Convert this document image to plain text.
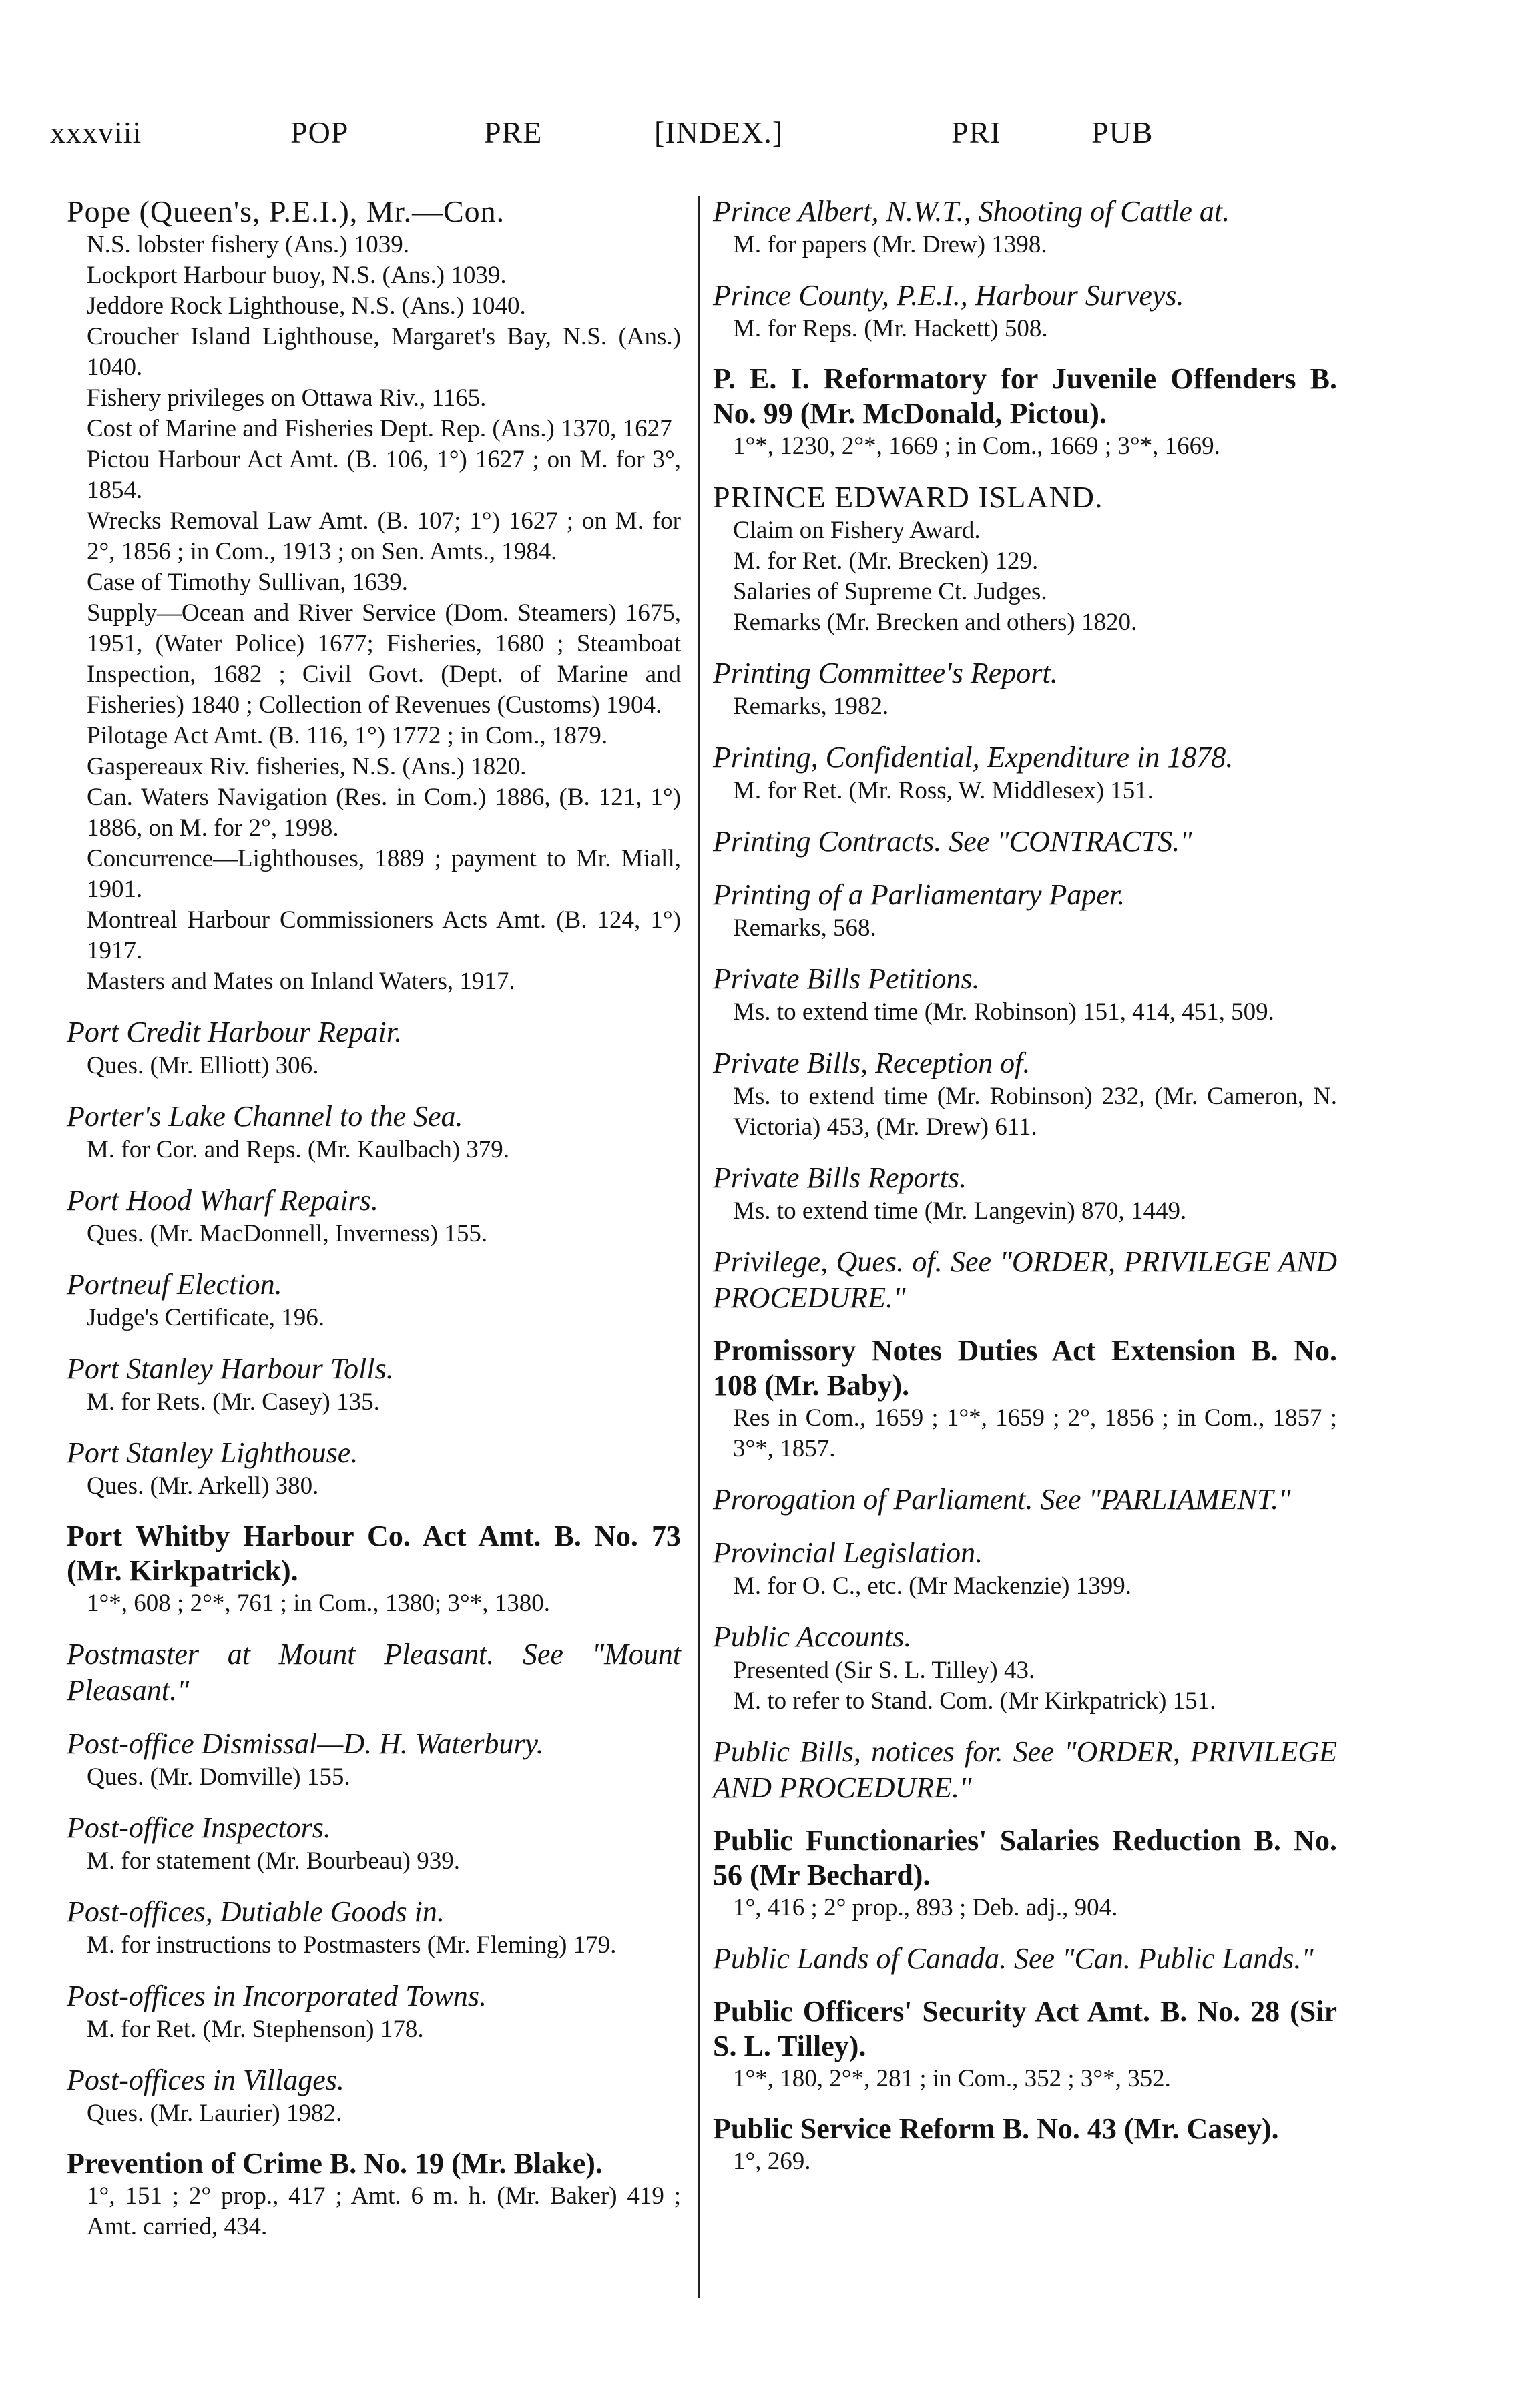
xxxviii	POP	PRE	[INDEX.]	PRI	PUB
Pope (Queen's, P.E.I.), Mr.—Con.
N.S. lobster fishery (Ans.) 1039.
Lockport Harbour buoy, N.S. (Ans.) 1039.
Jeddore Rock Lighthouse, N.S. (Ans.) 1040.
Croucher Island Lighthouse, Margaret's Bay, N.S. (Ans.) 1040.
Fishery privileges on Ottawa Riv., 1165.
Cost of Marine and Fisheries Dept. Rep. (Ans.) 1370, 1627
Pictou Harbour Act Amt. (B. 106, 1°) 1627 ; on M. for 3°, 1854.
Wrecks Removal Law Amt. (B. 107; 1°) 1627 ; on M. for 2°, 1856 ; in Com., 1913 ; on Sen. Amts., 1984.
Case of Timothy Sullivan, 1639.
Supply—Ocean and River Service (Dom. Steamers) 1675, 1951, (Water Police) 1677; Fisheries, 1680 ; Steamboat Inspection, 1682 ; Civil Govt. (Dept. of Marine and Fisheries) 1840 ; Collection of Revenues (Customs) 1904.
Pilotage Act Amt. (B. 116, 1°) 1772 ; in Com., 1879.
Gaspereaux Riv. fisheries, N.S. (Ans.) 1820.
Can. Waters Navigation (Res. in Com.) 1886, (B. 121, 1°) 1886, on M. for 2°, 1998.
Concurrence—Lighthouses, 1889 ; payment to Mr. Miall, 1901.
Montreal Harbour Commissioners Acts Amt. (B. 124, 1°) 1917.
Masters and Mates on Inland Waters, 1917.
Port Credit Harbour Repair.
Ques. (Mr. Elliott) 306.
Porter's Lake Channel to the Sea.
M. for Cor. and Reps. (Mr. Kaulbach) 379.
Port Hood Wharf Repairs.
Ques. (Mr. MacDonnell, Inverness) 155.
Portneuf Election.
Judge's Certificate, 196.
Port Stanley Harbour Tolls.
M. for Rets. (Mr. Casey) 135.
Port Stanley Lighthouse.
Ques. (Mr. Arkell) 380.
Port Whitby Harbour Co. Act Amt. B. No. 73 (Mr. Kirkpatrick).
1°*, 608 ; 2°*, 761 ; in Com., 1380; 3°*, 1380.
Postmaster at Mount Pleasant. See "Mount Pleasant."
Post-office Dismissal—D. H. Waterbury.
Ques. (Mr. Domville) 155.
Post-office Inspectors.
M. for statement (Mr. Bourbeau) 939.
Post-offices, Dutiable Goods in.
M. for instructions to Postmasters (Mr. Fleming) 179.
Post-offices in Incorporated Towns.
M. for Ret. (Mr. Stephenson) 178.
Post-offices in Villages.
Ques. (Mr. Laurier) 1982.
Prevention of Crime B. No. 19 (Mr. Blake).
1°, 151 ; 2° prop., 417 ; Amt. 6 m. h. (Mr. Baker) 419 ; Amt. carried, 434.
Prince Albert, N.W.T., Shooting of Cattle at.
M. for papers (Mr. Drew) 1398.
Prince County, P.E.I., Harbour Surveys.
M. for Reps. (Mr. Hackett) 508.
P. E. I. Reformatory for Juvenile Offenders B. No. 99 (Mr. McDonald, Pictou).
1°*, 1230, 2°*, 1669 ; in Com., 1669 ; 3°*, 1669.
PRINCE EDWARD ISLAND.
Claim on Fishery Award.
M. for Ret. (Mr. Brecken) 129.
Salaries of Supreme Ct. Judges.
Remarks (Mr. Brecken and others) 1820.
Printing Committee's Report.
Remarks, 1982.
Printing, Confidential, Expenditure in 1878.
M. for Ret. (Mr. Ross, W. Middlesex) 151.
Printing Contracts. See "CONTRACTS."
Printing of a Parliamentary Paper.
Remarks, 568.
Private Bills Petitions.
Ms. to extend time (Mr. Robinson) 151, 414, 451, 509.
Private Bills, Reception of.
Ms. to extend time (Mr. Robinson) 232, (Mr. Cameron, N. Victoria) 453, (Mr. Drew) 611.
Private Bills Reports.
Ms. to extend time (Mr. Langevin) 870, 1449.
Privilege, Ques. of. See "ORDER, PRIVILEGE AND PROCEDURE."
Promissory Notes Duties Act Extension B. No. 108 (Mr. Baby).
Res in Com., 1659 ; 1°*, 1659 ; 2°, 1856 ; in Com., 1857 ; 3°*, 1857.
Prorogation of Parliament. See "PARLIAMENT."
Provincial Legislation.
M. for O. C., etc. (Mr Mackenzie) 1399.
Public Accounts.
Presented (Sir S. L. Tilley) 43.
M. to refer to Stand. Com. (Mr Kirkpatrick) 151.
Public Bills, notices for. See "ORDER, PRIVILEGE AND PROCEDURE."
Public Functionaries' Salaries Reduction B. No. 56 (Mr Bechard).
1°, 416 ; 2° prop., 893 ; Deb. adj., 904.
Public Lands of Canada. See "Can. Public Lands."
Public Officers' Security Act Amt. B. No. 28 (Sir S. L. Tilley).
1°*, 180, 2°*, 281 ; in Com., 352 ; 3°*, 352.
Public Service Reform B. No. 43 (Mr. Casey).
1°, 269.
